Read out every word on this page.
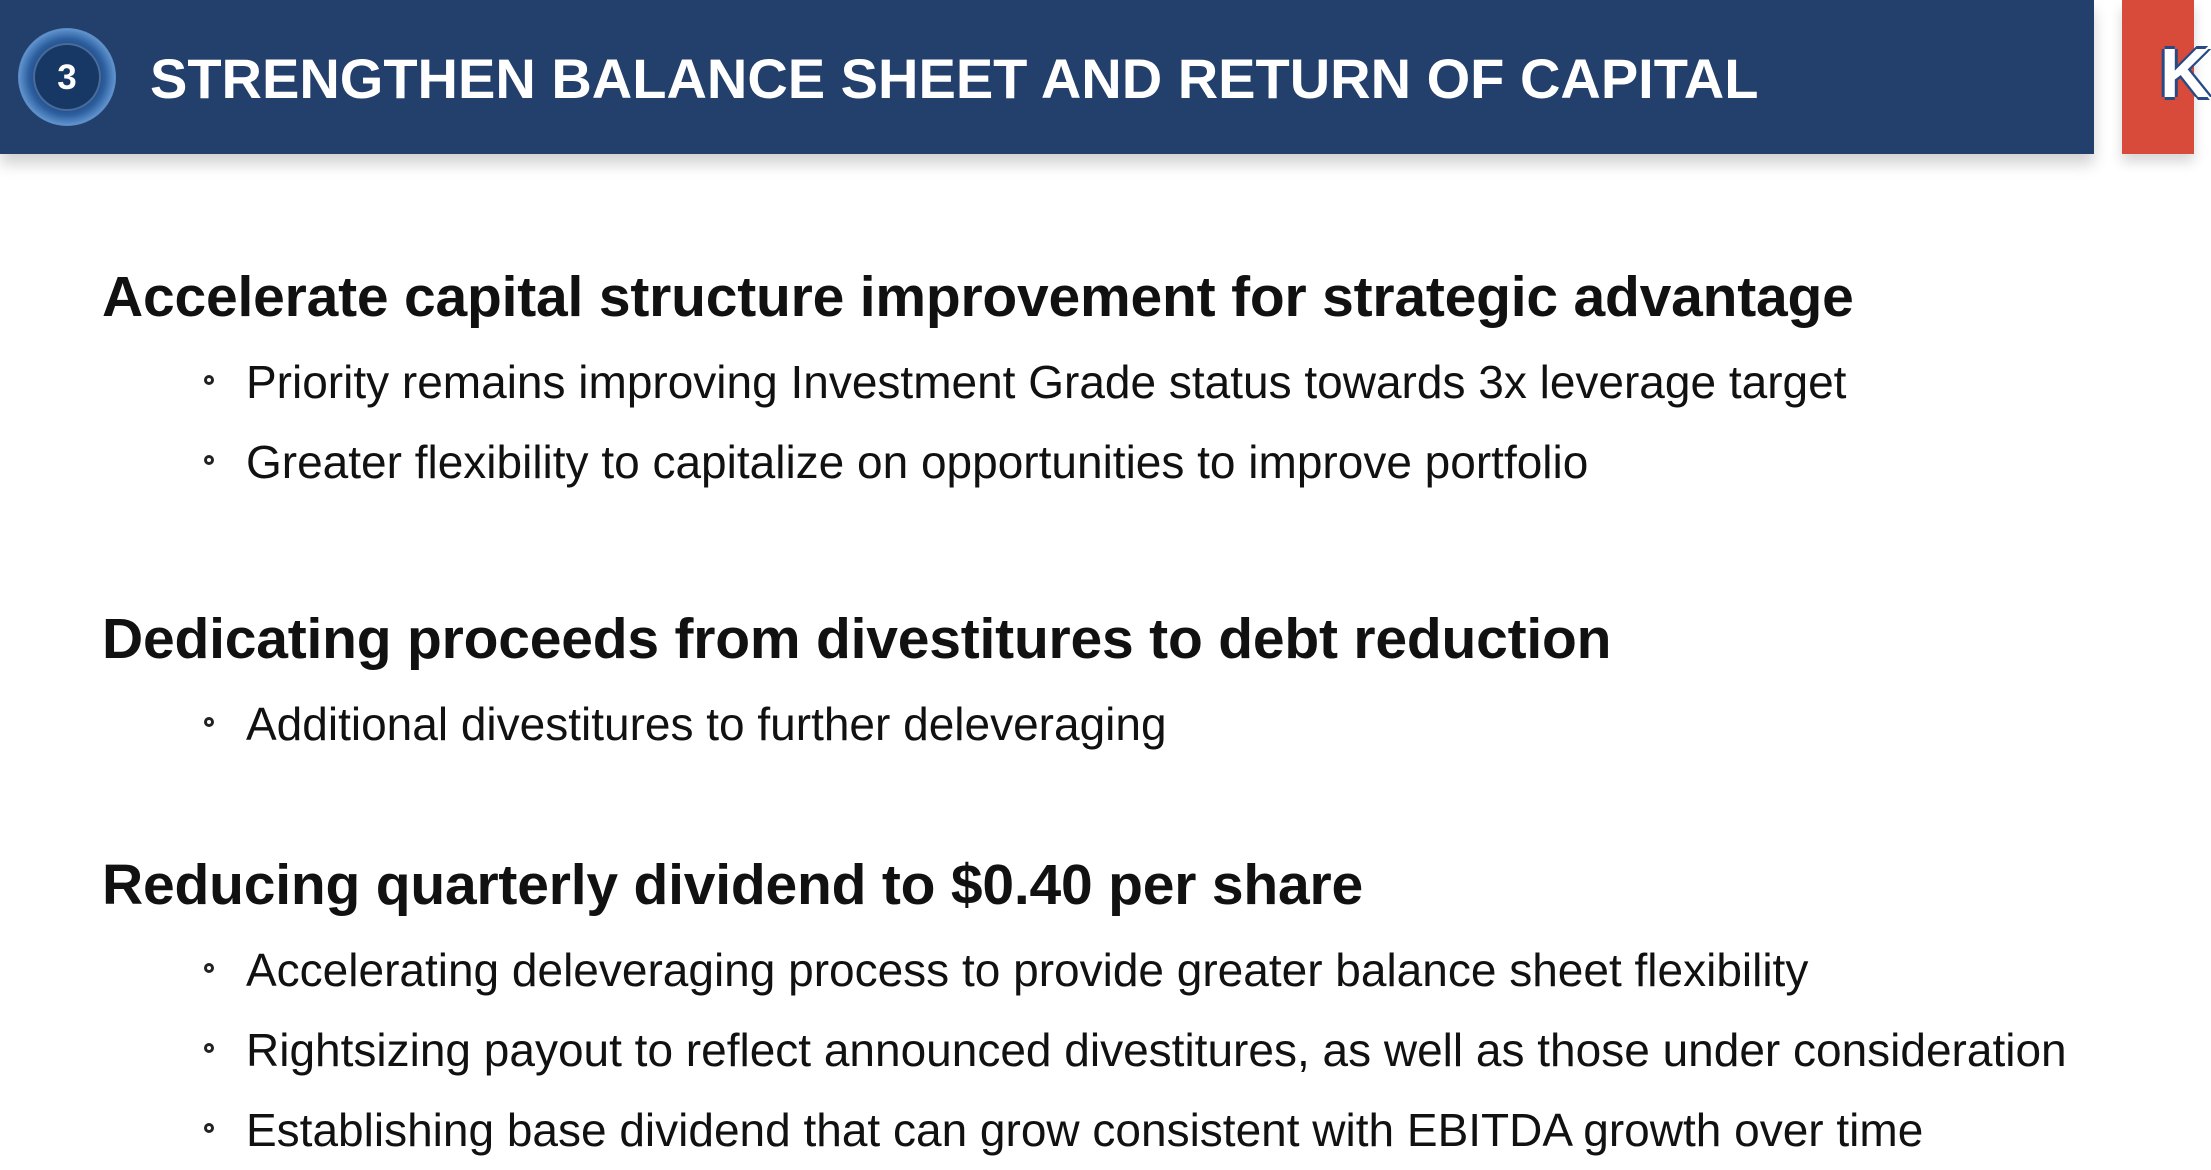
3 STRENGTHEN BALANCE SHEET AND RETURN OF CAPITAL	K
Accelerate capital structure improvement for strategic advantage
Priority remains improving Investment Grade status towards 3x leverage target
Greater flexibility to capitalize on opportunities to improve portfolio
Dedicating proceeds from divestitures to debt reduction
Additional divestitures to further deleveraging
Reducing quarterly dividend to $0.40 per share
Accelerating deleveraging process to provide greater balance sheet flexibility
Rightsizing payout to reflect announced divestitures, as well as those under consideration
Establishing base dividend that can grow consistent with EBITDA growth over time
